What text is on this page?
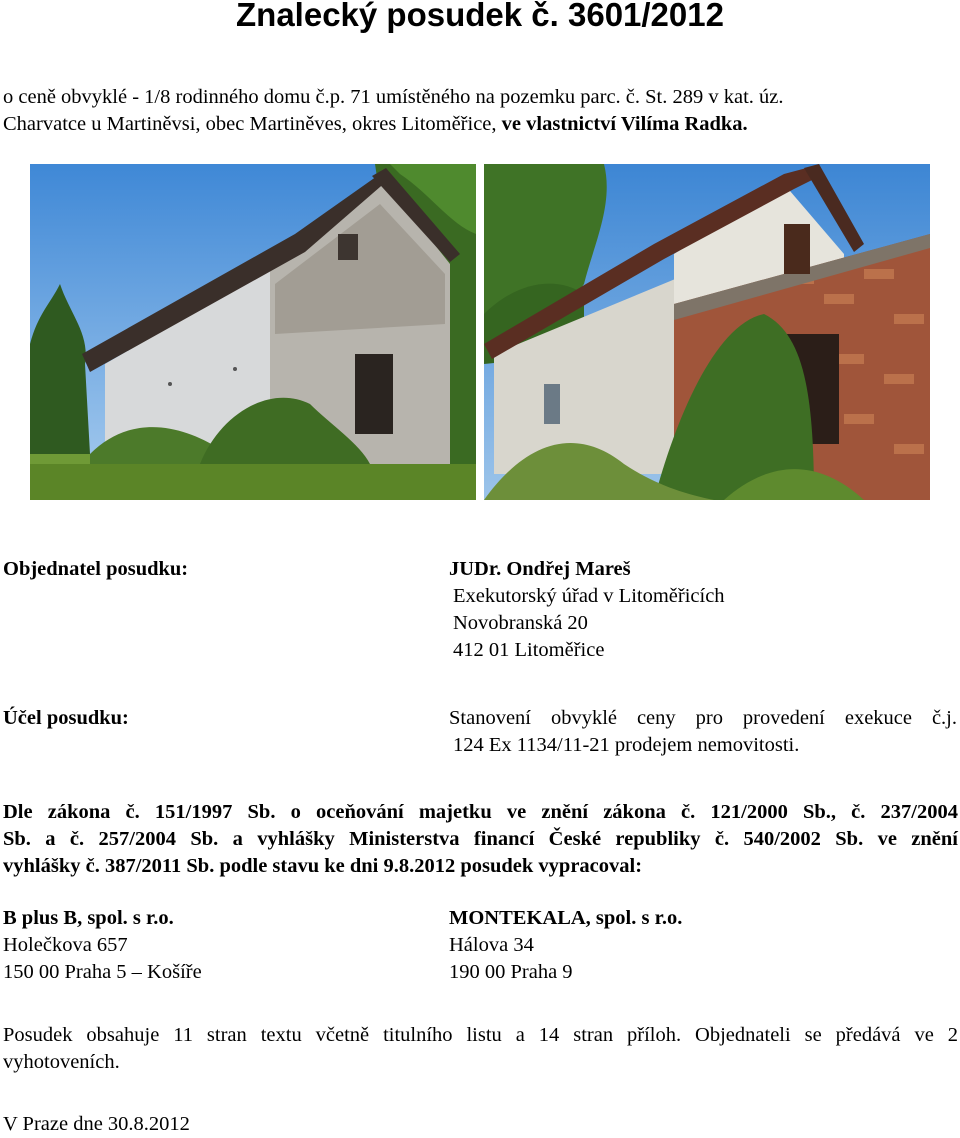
Znalecký posudek č. 3601/2012
o ceně obvyklé - 1/8 rodinného domu č.p. 71 umístěného na pozemku parc. č. St. 289 v kat. úz.
Charvatce u Martiněvsi, obec Martiněves, okres Litoměřice, ve vlastnictví Vilíma Radka.
Objednatel posudku:	JUDr. Ondřej Mareš
Exekutorský úřad v Litoměřicích
Novobranská 20
412 01 Litoměřice
Účel posudku:	Stanovení obvyklé ceny pro provedení exekuce č.j.
124 Ex 1134/11-21 prodejem nemovitosti.
Dle zákona č. 151/1997 Sb. o oceňování majetku ve znění zákona č. 121/2000 Sb., č. 237/2004
Sb. a č. 257/2004 Sb. a vyhlášky Ministerstva financí České republiky č. 540/2002 Sb. ve znění
vyhlášky č. 387/2011 Sb. podle stavu ke dni 9.8.2012 posudek vypracoval:
B plus B, spol. s r.o.
Holečkova 657
150 00 Praha 5 – Košíře
MONTEKALA, spol. s r.o.
Hálova 34
190 00 Praha 9
Posudek obsahuje 11 stran textu včetně titulního listu a 14 stran příloh. Objednateli se předává ve 2
vyhotoveních.
V Praze dne 30.8.2012
